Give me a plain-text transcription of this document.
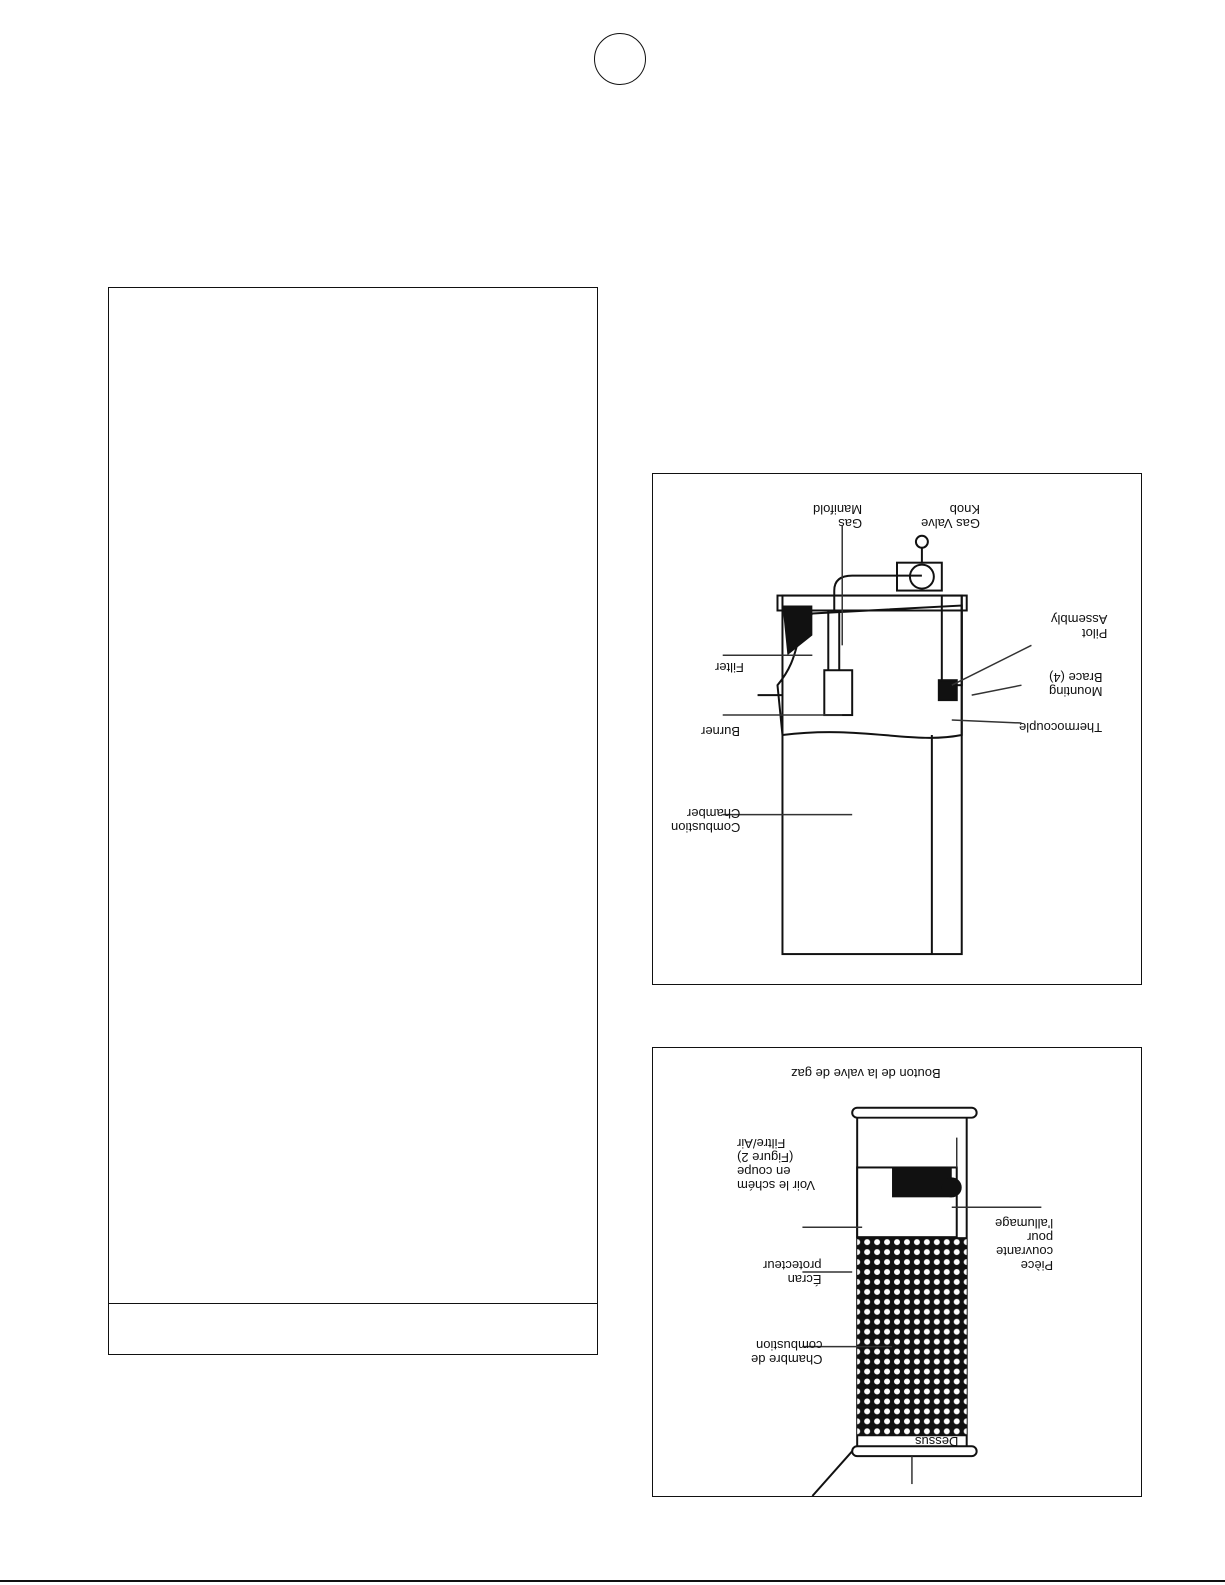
Gas Valve
Knob
Gas
Manifold
Pilot
Assembly
Filter
Mounting
Brace (4)
Burner	Thermocouple
Combustion
Chamber
Bouton de la valve de gaz
Voir le schém
en coupe
(Figure 2)
Filtre/Air
Pièce
couvrante
pour
l'allumage
Écran
protecteur
Chambre de
combustion
Dessus
